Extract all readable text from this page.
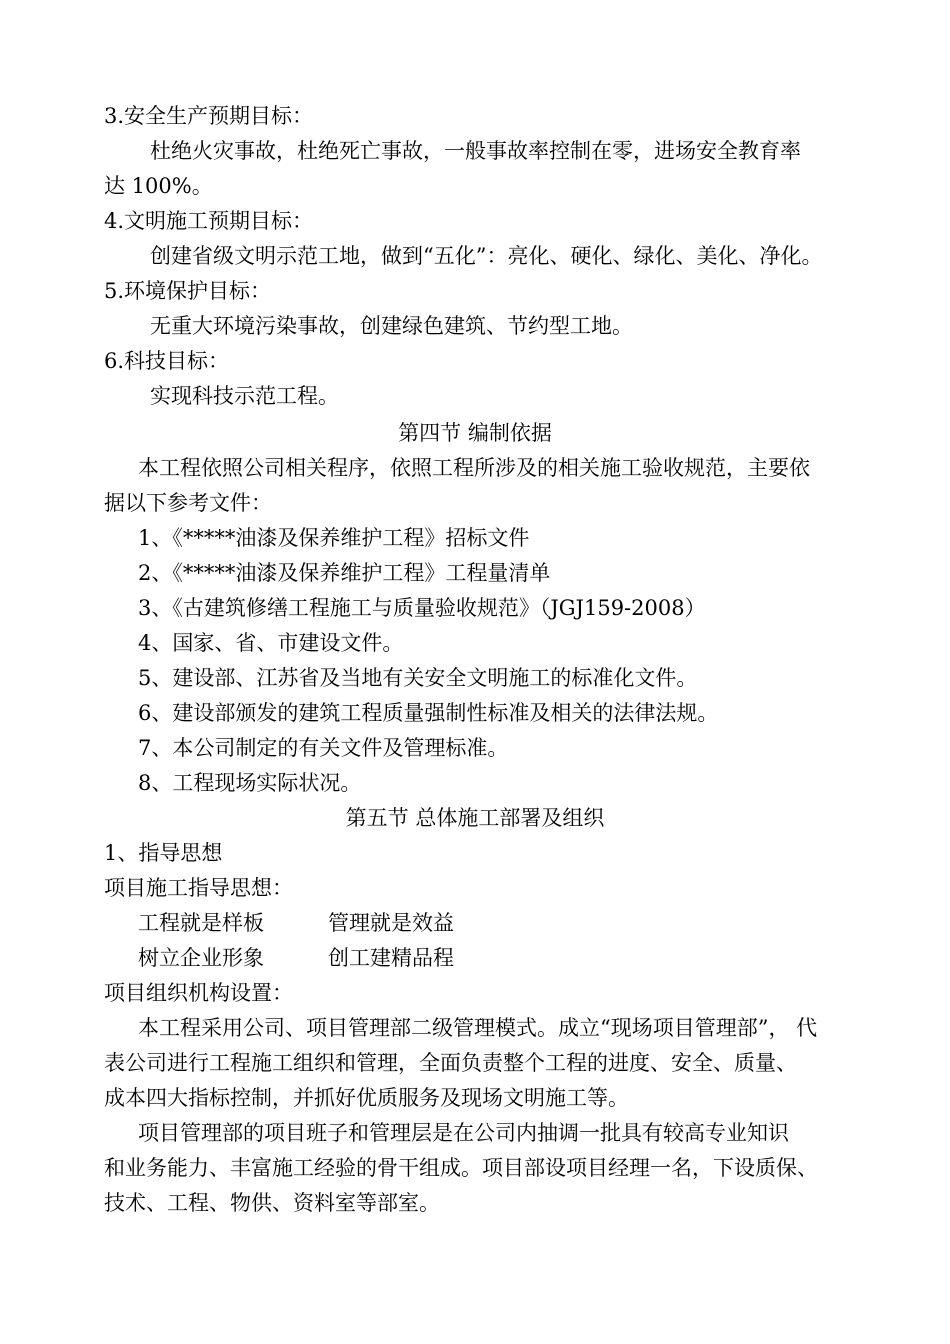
3.安全生产预期目标：
杜绝火灾事故，杜绝死亡事故，一般事故率控制在零，进场安全教育率
达 100%。
4.文明施工预期目标：
创建省级文明示范工地，做到“五化”：亮化、硬化、绿化、美化、净化。
5.环境保护目标：
无重大环境污染事故，创建绿色建筑、节约型工地。
6.科技目标：
实现科技示范工程。
第四节 编制依据
本工程依照公司相关程序，依照工程所涉及的相关施工验收规范，主要依
据以下参考文件：
1、《*****油漆及保养维护工程》招标文件
2、《*****油漆及保养维护工程》工程量清单
3、《古建筑修缮工程施工与质量验收规范》（JGJ159-2008）
4、国家、省、市建设文件。
5、建设部、江苏省及当地有关安全文明施工的标准化文件。
6、建设部颁发的建筑工程质量强制性标准及相关的法律法规。
7、本公司制定的有关文件及管理标准。
8、工程现场实际状况。
第五节 总体施工部署及组织
1、指导思想
项目施工指导思想：
工程就是样板	管理就是效益
树立企业形象	创工建精品程
项目组织机构设置：
本工程采用公司、项目管理部二级管理模式。成立“现场项目管理部”， 代
表公司进行工程施工组织和管理，全面负责整个工程的进度、安全、质量、
成本四大指标控制，并抓好优质服务及现场文明施工等。
项目管理部的项目班子和管理层是在公司内抽调一批具有较高专业知识
和业务能力、丰富施工经验的骨干组成。项目部设项目经理一名，下设质保、
技术、工程、物供、资料室等部室。
